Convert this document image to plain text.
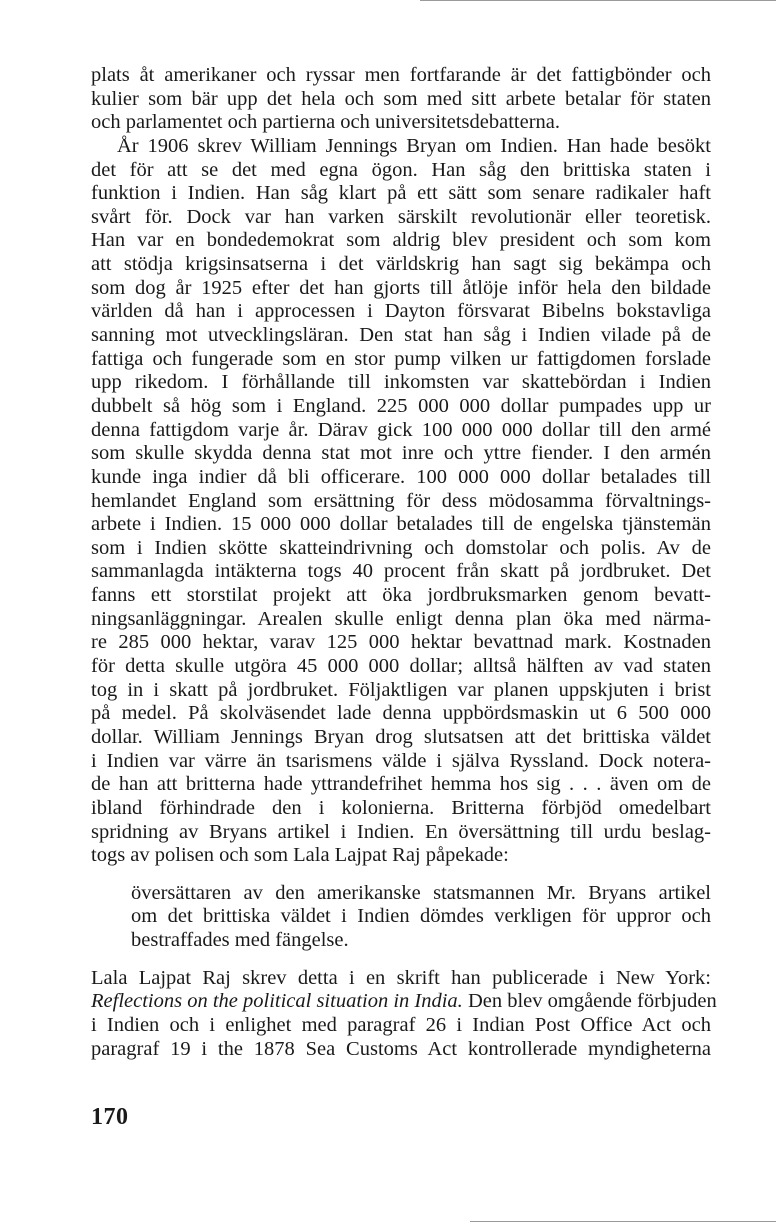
plats åt amerikaner och ryssar men fortfarande är det fattigbönder och
kulier som bär upp det hela och som med sitt arbete betalar för staten
och parlamentet och partierna och universitetsdebatterna.
År 1906 skrev William Jennings Bryan om Indien. Han hade besökt
det för att se det med egna ögon. Han såg den brittiska staten i
funktion i Indien. Han såg klart på ett sätt som senare radikaler haft
svårt för. Dock var han varken särskilt revolutionär eller teoretisk.
Han var en bondedemokrat som aldrig blev president och som kom
att stödja krigsinsatserna i det världskrig han sagt sig bekämpa och
som dog år 1925 efter det han gjorts till åtlöje inför hela den bildade
världen då han i approcessen i Dayton försvarat Bibelns bokstavliga
sanning mot utvecklingsläran. Den stat han såg i Indien vilade på de
fattiga och fungerade som en stor pump vilken ur fattigdomen forslade
upp rikedom. I förhållande till inkomsten var skattebördan i Indien
dubbelt så hög som i England. 225 000 000 dollar pumpades upp ur
denna fattigdom varje år. Därav gick 100 000 000 dollar till den armé
som skulle skydda denna stat mot inre och yttre fiender. I den armén
kunde inga indier då bli officerare. 100 000 000 dollar betalades till
hemlandet England som ersättning för dess mödosamma förvaltnings-
arbete i Indien. 15 000 000 dollar betalades till de engelska tjänstemän
som i Indien skötte skatteindrivning och domstolar och polis. Av de
sammanlagda intäkterna togs 40 procent från skatt på jordbruket. Det
fanns ett storstilat projekt att öka jordbruksmarken genom bevatt-
ningsanläggningar. Arealen skulle enligt denna plan öka med närma-
re 285 000 hektar, varav 125 000 hektar bevattnad mark. Kostnaden
för detta skulle utgöra 45 000 000 dollar; alltså hälften av vad staten
tog in i skatt på jordbruket. Följaktligen var planen uppskjuten i brist
på medel. På skolväsendet lade denna uppbördsmaskin ut 6 500 000
dollar. William Jennings Bryan drog slutsatsen att det brittiska väldet
i Indien var värre än tsarismens välde i själva Ryssland. Dock notera-
de han att britterna hade yttrandefrihet hemma hos sig . . . även om de
ibland förhindrade den i kolonierna. Britterna förbjöd omedelbart
spridning av Bryans artikel i Indien. En översättning till urdu beslag-
togs av polisen och som Lala Lajpat Raj påpekade:
översättaren av den amerikanske statsmannen Mr. Bryans artikel
om det brittiska väldet i Indien dömdes verkligen för uppror och
bestraffades med fängelse.
Lala Lajpat Raj skrev detta i en skrift han publicerade i New York:
Reflections on the political situation in India. Den blev omgående förbjuden
i Indien och i enlighet med paragraf 26 i Indian Post Office Act och
paragraf 19 i the 1878 Sea Customs Act kontrollerade myndigheterna
170
